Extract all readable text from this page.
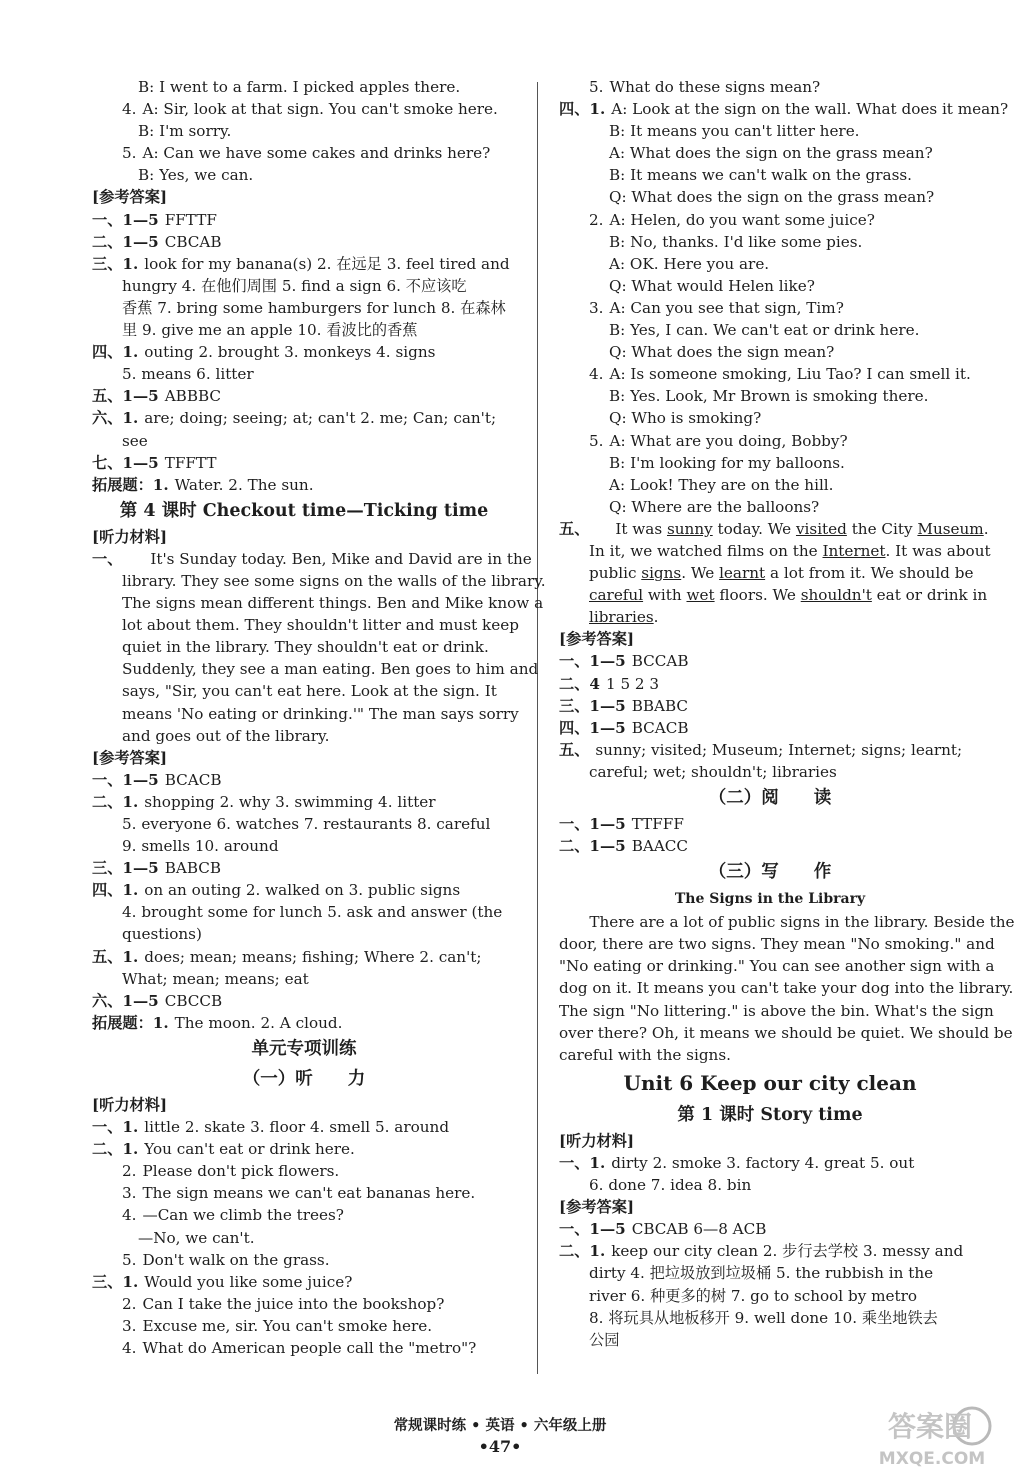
B: I went to a farm. I picked apples there.
4. A: Sir, look at that sign. You can't smoke here.
B: I'm sorry.
5. A: Can we have some cakes and drinks here?
B: Yes, we can.
[参考答案]
一、1—5 FFTTF
二、1—5 CBCAB
三、1. look for my banana(s) 2. 在远足 3. feel tired and
hungry 4. 在他们周围 5. find a sign 6. 不应该吃
香蕉 7. bring some hamburgers for lunch 8. 在森林
里 9. give me an apple 10. 看波比的香蕉
四、1. outing 2. brought 3. monkeys 4. signs
5. means 6. litter
五、1—5 ABBBC
六、1. are; doing; seeing; at; can't 2. me; Can; can't;
see
七、1—5 TFFTT
拓展题：1. Water. 2. The sun.
第 4 课时 Checkout time—Ticking time
[听力材料]
一、 It's Sunday today. Ben, Mike and David are in the
library. They see some signs on the walls of the library.
The signs mean different things. Ben and Mike know a
lot about them. They shouldn't litter and must keep
quiet in the library. They shouldn't eat or drink.
Suddenly, they see a man eating. Ben goes to him and
says, "Sir, you can't eat here. Look at the sign. It
means 'No eating or drinking.'" The man says sorry
and goes out of the library.
[参考答案]
一、1—5 BCACB
二、1. shopping 2. why 3. swimming 4. litter
5. everyone 6. watches 7. restaurants 8. careful
9. smells 10. around
三、1—5 BABCB
四、1. on an outing 2. walked on 3. public signs
4. brought some for lunch 5. ask and answer (the
questions)
五、1. does; mean; means; fishing; Where 2. can't;
What; mean; means; eat
六、1—5 CBCCB
拓展题：1. The moon. 2. A cloud.
单元专项训练
（一）听　　力
[听力材料]
一、1. little 2. skate 3. floor 4. smell 5. around
二、1. You can't eat or drink here.
2. Please don't pick flowers.
3. The sign means we can't eat bananas here.
4. —Can we climb the trees?
—No, we can't.
5. Don't walk on the grass.
三、1. Would you like some juice?
2. Can I take the juice into the bookshop?
3. Excuse me, sir. You can't smoke here.
4. What do American people call the "metro"?
5. What do these signs mean?
四、1. A: Look at the sign on the wall. What does it mean?
B: It means you can't litter here.
A: What does the sign on the grass mean?
B: It means we can't walk on the grass.
Q: What does the sign on the grass mean?
2. A: Helen, do you want some juice?
B: No, thanks. I'd like some pies.
A: OK. Here you are.
Q: What would Helen like?
3. A: Can you see that sign, Tim?
B: Yes, I can. We can't eat or drink here.
Q: What does the sign mean?
4. A: Is someone smoking, Liu Tao? I can smell it.
B: Yes. Look, Mr Brown is smoking there.
Q: Who is smoking?
5. A: What are you doing, Bobby?
B: I'm looking for my balloons.
A: Look! They are on the hill.
Q: Where are the balloons?
五、 It was sunny today. We visited the City Museum.
In it, we watched films on the Internet. It was about
public signs. We learnt a lot from it. We should be
careful with wet floors. We shouldn't eat or drink in
libraries.
[参考答案]
一、1—5 BCCAB
二、4 1 5 2 3
三、1—5 BBABC
四、1—5 BCACB
五、 sunny; visited; Museum; Internet; signs; learnt;
careful; wet; shouldn't; libraries
（二）阅　　读
一、1—5 TTFFF
二、1—5 BAACC
（三）写　　作
The Signs in the Library
　　There are a lot of public signs in the library. Beside the
door, there are two signs. They mean "No smoking." and
"No eating or drinking." You can see another sign with a
dog on it. It means you can't take your dog into the library.
The sign "No littering." is above the bin. What's the sign
over there? Oh, it means we should be quiet. We should be
careful with the signs.
Unit 6 Keep our city clean
第 1 课时 Story time
[听力材料]
一、1. dirty 2. smoke 3. factory 4. great 5. out
6. done 7. idea 8. bin
[参考答案]
一、1—5 CBCAB 6—8 ACB
二、1. keep our city clean 2. 步行去学校 3. messy and
dirty 4. 把垃圾放到垃圾桶 5. the rubbish in the
river 6. 种更多的树 7. go to school by metro
8. 将玩具从地板移开 9. well done 10. 乘坐地铁去
公园
常规课时练 • 英语 • 六年级上册
•47•
答案圈
MXQE.COM
